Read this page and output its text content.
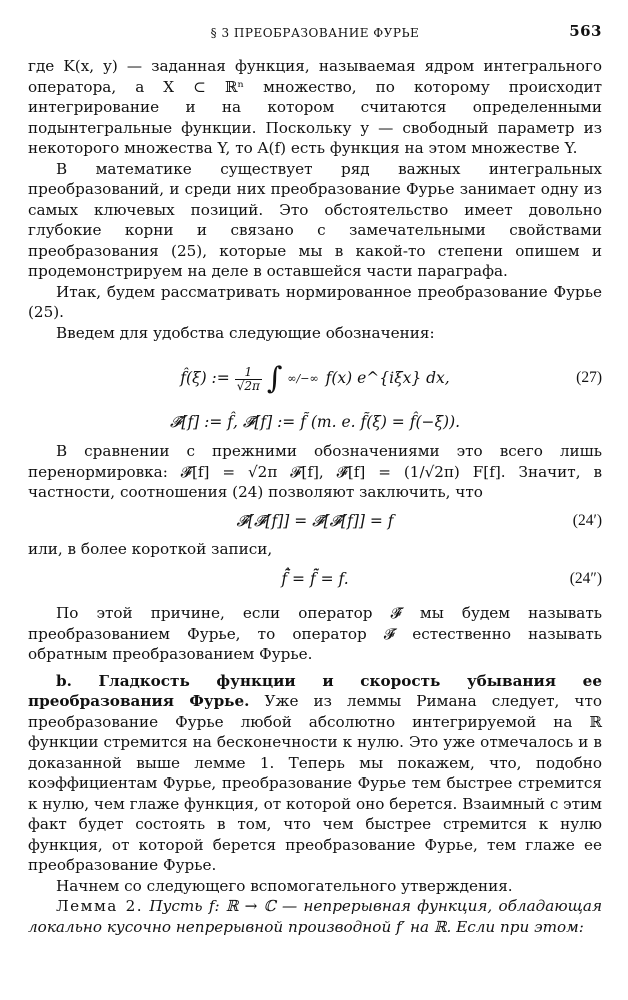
§ 3 ПРЕОБРАЗОВАНИЕ ФУРЬЕ	563

где K(x, y) — заданная функция, называемая ядром интегрального оператора, а X ⊂ ℝⁿ множество, по которому происходит интегрирование и на котором считаются определенными подынтегральные функции. Поскольку y — свободный параметр из некоторого множества Y, то A(f) есть функция на этом множестве Y.

В математике существует ряд важных интегральных преобразований, и среди них преобразование Фурье занимает одну из самых ключевых позиций. Это обстоятельство имеет довольно глубокие корни и связано с замечательными свойствами преобразования (25), которые мы в какой-то степени опишем и продемонстрируем на деле в оставшейся части параграфа.

Итак, будем рассматривать нормированное преобразование Фурье (25).

Введем для удобства следующие обозначения:

f̂(ξ) := $\frac{1}{√2\pi}$ ∫ ∞/−∞ f(x) e^{iξx} dx,	(27)
𝓕̂[f] := f̂, 𝓕̃[f] := f̃ (т. е. f̃(ξ) = f̂(−ξ)).

В сравнении с прежними обозначениями это всего лишь перенормировка: 𝓕̂[f] = √2π 𝓕[f], 𝓕̂[f] = (1/√2π) F[f]. Значит, в частности, соотношения (24) позволяют заключить, что

𝓕̂[𝓕̃[f]] = 𝓕̃[𝓕̂[f]] = f	(24′)

или, в более короткой записи,

f̃̂ = f̂̃ = f.	(24″)

По этой причине, если оператор 𝓕̂ мы будем называть преобразованием Фурье, то оператор 𝓕̃ естественно называть обратным преобразованием Фурье.

b. Гладкость функции и скорость убывания ее преобразования Фурье. Уже из леммы Римана следует, что преобразование Фурье любой абсолютно интегрируемой на ℝ функции стремится на бесконечности к нулю. Это уже отмечалось и в доказанной выше лемме 1. Теперь мы покажем, что, подобно коэффициентам Фурье, преобразование Фурье тем быстрее стремится к нулю, чем глаже функция, от которой оно берется. Взаимный с этим факт будет состоять в том, что чем быстрее стремится к нулю функция, от которой берется преобразование Фурье, тем глаже ее преобразование Фурье.

Начнем со следующего вспомогательного утверждения.

Лемма 2. Пусть f: ℝ → ℂ — непрерывная функция, обладающая локально кусочно непрерывной производной f′ на ℝ. Если при этом:
